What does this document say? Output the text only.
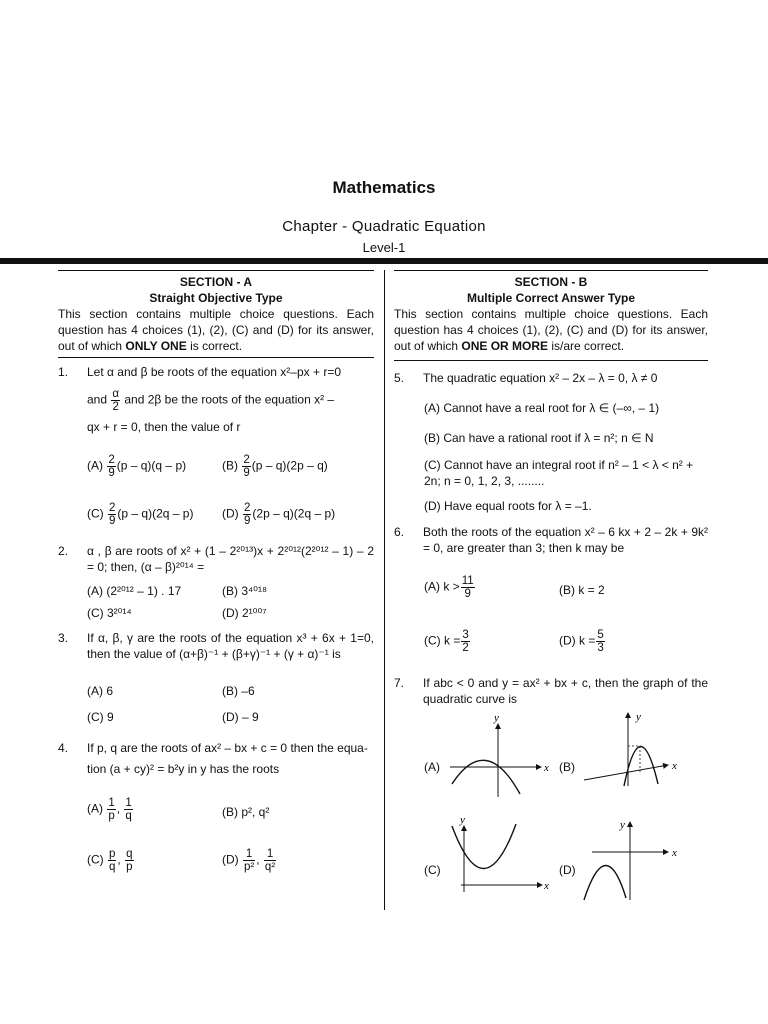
Mathematics
Chapter - Quadratic Equation
Level-1
SECTION - A
Straight Objective Type
This section contains multiple choice questions. Each question has 4 choices (1), (2), (C) and (D) for its answer, out of which ONLY ONE is correct.
SECTION - B
Multiple Correct Answer Type
This section contains multiple choice questions. Each question has 4 choices (1), (2), (C) and (D) for its answer, out of which ONE OR MORE is/are correct.
1. Let α and β be roots of the equation x²–px + r=0
and $\frac{\alpha}{2}$ and 2β be the roots of the equation x² –
qx + r = 0, then the value of r
$(A) \frac{2}{9} (p - q)(q - p)$	$(B) \frac{2}{9} (p - q)(2p - q)$
$(C) \frac{2}{9} (p - q)(2q - p)$ $(D) \frac{2}{9} (2p - q)(2q - p)$
2. α , β are roots of x² + (1 – 2²⁰¹³)x + 2²⁰¹²(2²⁰¹² – 1) – 2 = 0; then, (α – β)²⁰¹⁴ =
(A) (2²⁰¹² – 1) . 17	(B) 3⁴⁰¹⁸
(C) 3²⁰¹⁴	(D) 2¹⁰⁰⁷
3. If α, β, γ are the roots of the equation x³ + 6x + 1=0, then the value of (α+β)⁻¹ + (β+γ)⁻¹ + (γ + α)⁻¹ is
(A) 6	(B) –6
(C) 9	(D) – 9
4. If p, q are the roots of ax² – bx + c = 0 then the equa-
tion (a + cy)² = b²y in y has the roots
$(A) \frac{1}{p}$ , $\frac{1}{q}$	(B) p², q²
$(C) \frac{p}{q}$ , $\frac{q}{p}$	$(D) \frac{1}{\text{p²}}$ , $\frac{1}{\text{q²}}$
5. The quadratic equation x² – 2x – λ = 0, λ ≠ 0
(A) Cannot have a real root for λ ∈ (–∞, – 1)
(B) Can have a rational root if λ = n²; n ∈ N
(C) Cannot have an integral root if n² – 1 < λ < n² + 2n; n = 0, 1, 2, 3, ........
(D) Have equal roots for λ = –1.
6. Both the roots of the equation x² – 6 kx + 2 – 2k + 9k² = 0, are greater than 3; then k may be
(A) $k > \frac{11}{9}$	(B) k = 2
(C) $k = \frac{3}{2}$	(D) $k = \frac{5}{3}$
7. If abc < 0 and y = ax² + bx + c, then the graph of the quadratic curve is
(A)	(B)
(C)	(D)
x
y
x
y
x
y
x
y
